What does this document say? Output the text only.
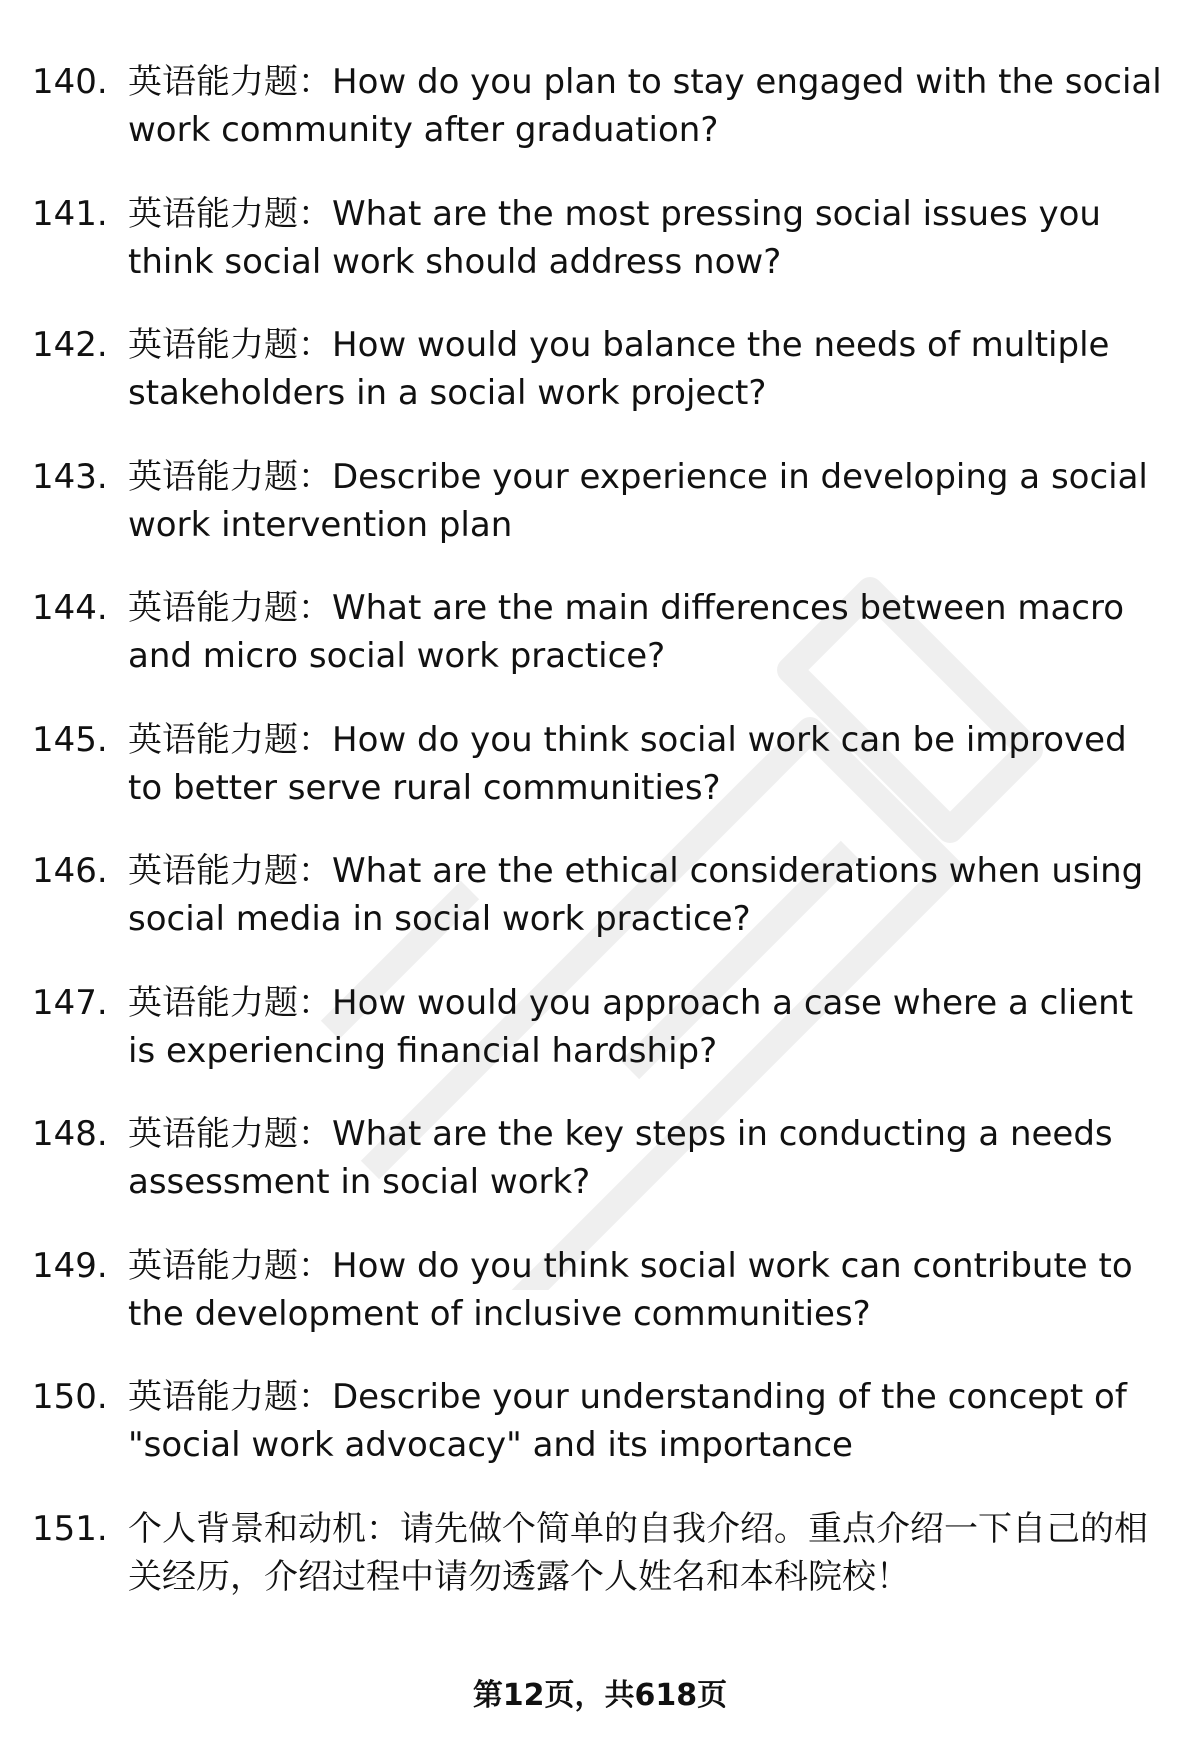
140. 英语能力题：How do you plan to stay engaged with the social work community after graduation?
141. 英语能力题：What are the most pressing social issues you think social work should address now?
142. 英语能力题：How would you balance the needs of multiple stakeholders in a social work project?
143. 英语能力题：Describe your experience in developing a social work intervention plan
144. 英语能力题：What are the main differences between macro and micro social work practice?
145. 英语能力题：How do you think social work can be improved to better serve rural communities?
146. 英语能力题：What are the ethical considerations when using social media in social work practice?
147. 英语能力题：How would you approach a case where a client is experiencing financial hardship?
148. 英语能力题：What are the key steps in conducting a needs assessment in social work?
149. 英语能力题：How do you think social work can contribute to the development of inclusive communities?
150. 英语能力题：Describe your understanding of the concept of "social work advocacy" and its importance
151. 个人背景和动机：请先做个简单的自我介绍。重点介绍一下自己的相关经历，介绍过程中请勿透露个人姓名和本科院校！
第12页，共618页
